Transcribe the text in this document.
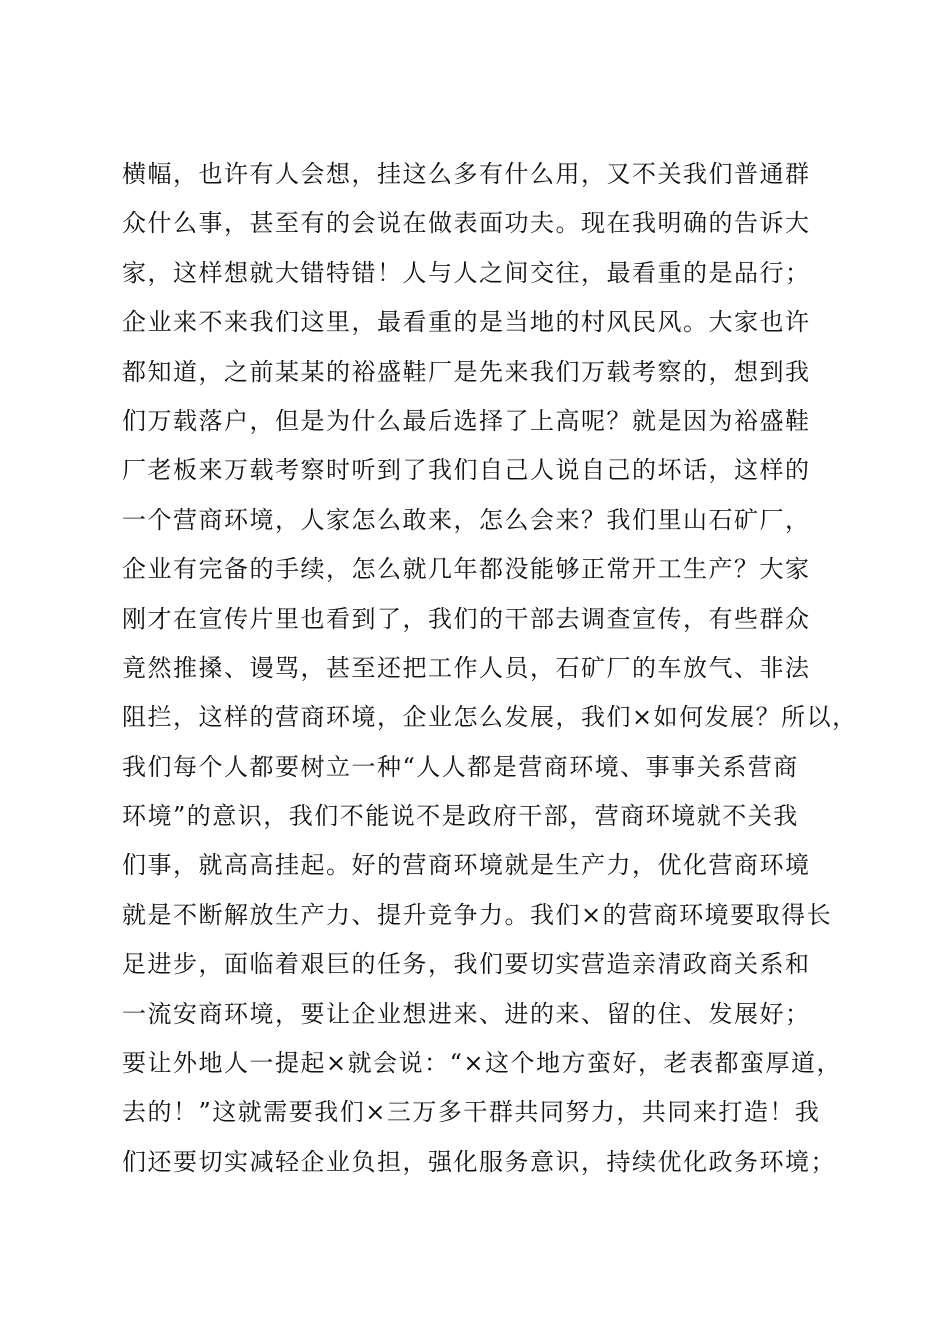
横幅，也许有人会想，挂这么多有什么用，又不关我们普通群
众什么事，甚至有的会说在做表面功夫。现在我明确的告诉大
家，这样想就大错特错！人与人之间交往，最看重的是品行；
企业来不来我们这里，最看重的是当地的村风民风。大家也许
都知道，之前某某的裕盛鞋厂是先来我们万载考察的，想到我
们万载落户，但是为什么最后选择了上高呢？就是因为裕盛鞋
厂老板来万载考察时听到了我们自己人说自己的坏话，这样的
一个营商环境，人家怎么敢来，怎么会来？我们里山石矿厂，
企业有完备的手续，怎么就几年都没能够正常开工生产？大家
刚才在宣传片里也看到了，我们的干部去调查宣传，有些群众
竟然推搡、谩骂，甚至还把工作人员，石矿厂的车放气、非法
阻拦，这样的营商环境，企业怎么发展，我们×如何发展？所以，
我们每个人都要树立一种“人人都是营商环境、事事关系营商
环境”的意识，我们不能说不是政府干部，营商环境就不关我
们事，就高高挂起。好的营商环境就是生产力，优化营商环境
就是不断解放生产力、提升竞争力。我们×的营商环境要取得长
足进步，面临着艰巨的任务，我们要切实营造亲清政商关系和
一流安商环境，要让企业想进来、进的来、留的住、发展好；
要让外地人一提起×就会说：“×这个地方蛮好，老表都蛮厚道，
去的！”这就需要我们×三万多干群共同努力，共同来打造！我
们还要切实减轻企业负担，强化服务意识，持续优化政务环境；
